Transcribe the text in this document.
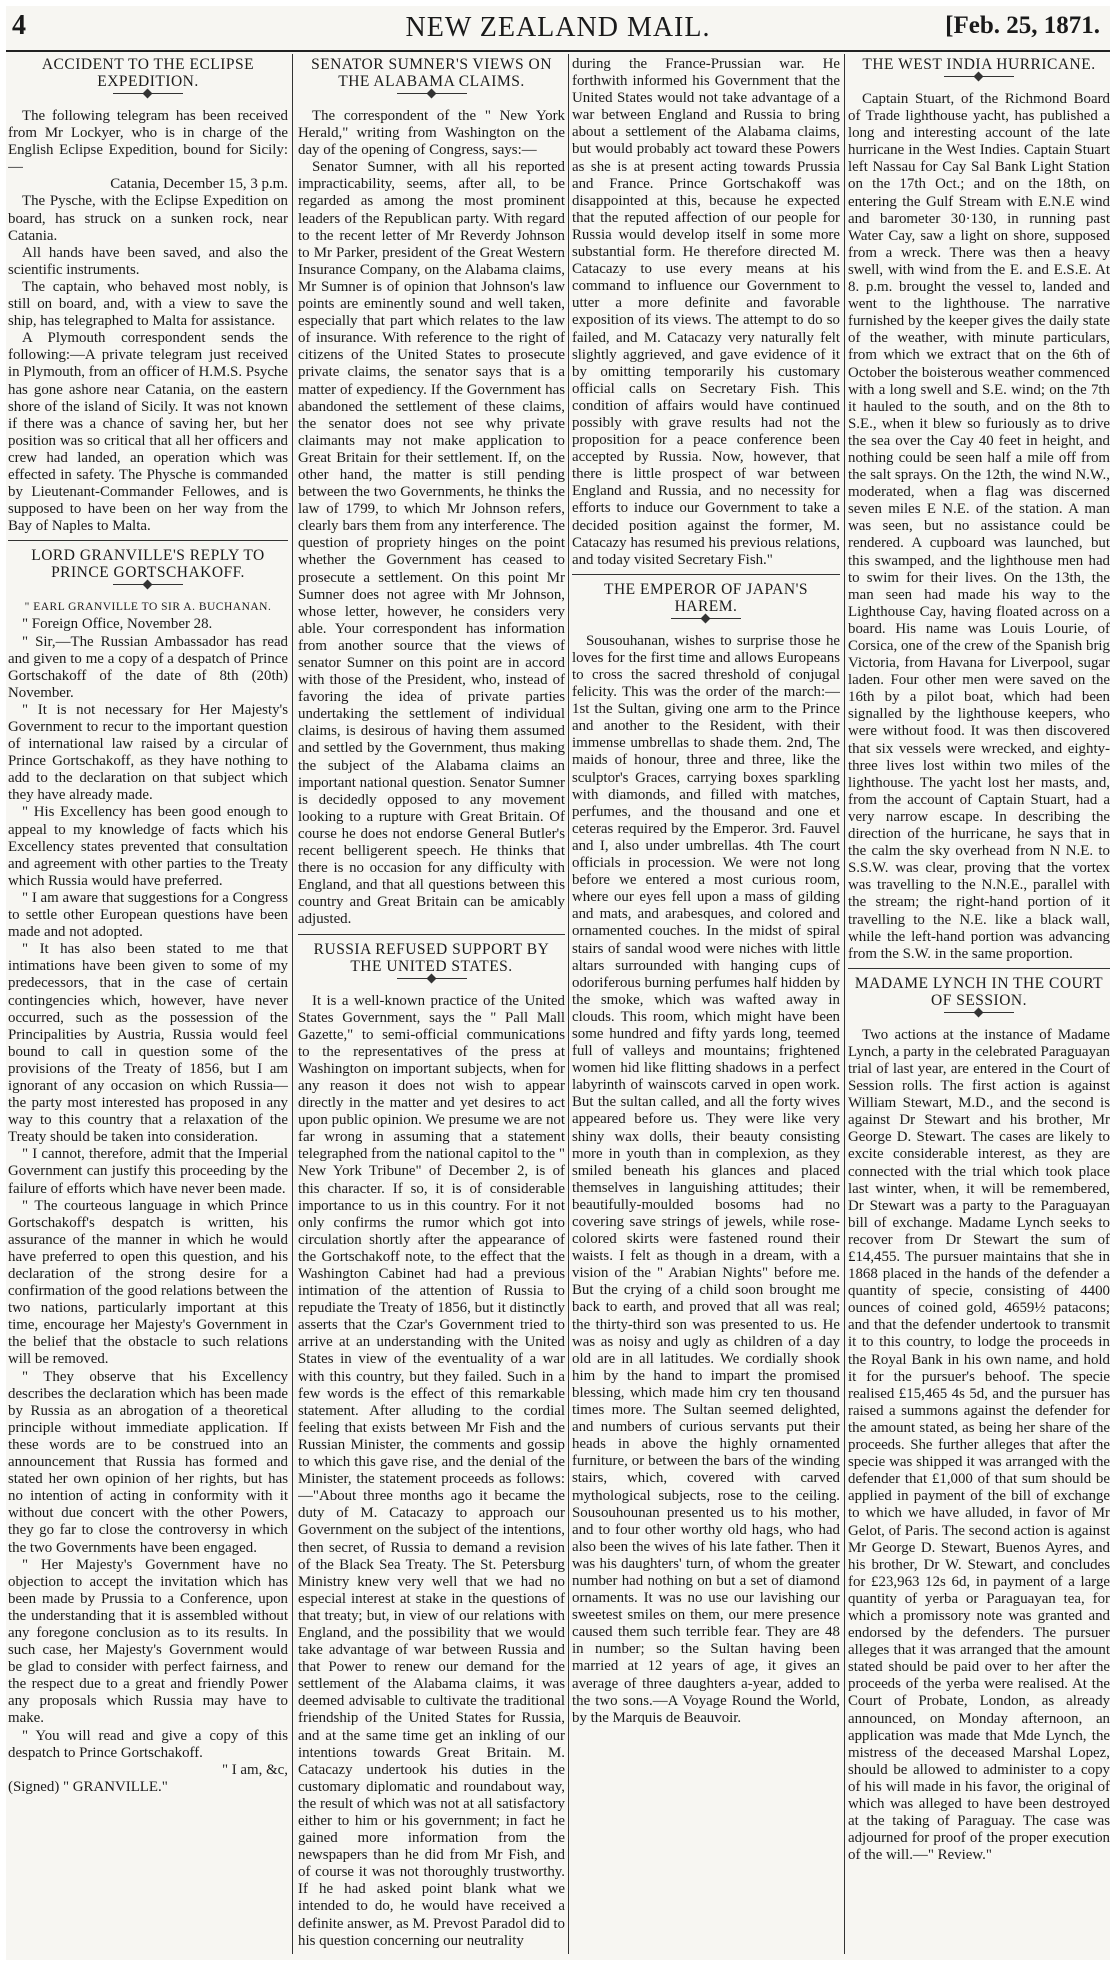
4	NEW ZEALAND MAIL.	[Feb. 25, 1871.
ACCIDENT TO THE ECLIPSE EXPEDITION.

The following telegram has been received from Mr Lockyer, who is in charge of the English Eclipse Expedition, bound for Sicily:—

Catania, December 15, 3 p.m.

The Pysche, with the Eclipse Expedition on board, has struck on a sunken rock, near Catania.

All hands have been saved, and also the scientific instruments.

The captain, who behaved most nobly, is still on board, and, with a view to save the ship, has telegraphed to Malta for assistance.

A Plymouth correspondent sends the following:—A private telegram just received in Plymouth, from an officer of H.M.S. Psyche has gone ashore near Catania, on the eastern shore of the island of Sicily. It was not known if there was a chance of saving her, but her position was so critical that all her officers and crew had landed, an operation which was effected in safety. The Physche is commanded by Lieutenant-Commander Fellowes, and is supposed to have been on her way from the Bay of Naples to Malta.

LORD GRANVILLE'S REPLY TO PRINCE GORTSCHAKOFF.

" EARL GRANVILLE TO SIR A. BUCHANAN.

" Foreign Office, November 28.

" Sir,—The Russian Ambassador has read and given to me a copy of a despatch of Prince Gortschakoff of the date of 8th (20th) November.

" It is not necessary for Her Majesty's Government to recur to the important question of international law raised by a circular of Prince Gortschakoff, as they have nothing to add to the declaration on that subject which they have already made.

" His Excellency has been good enough to appeal to my knowledge of facts which his Excellency states prevented that consultation and agreement with other parties to the Treaty which Russia would have preferred.

" I am aware that suggestions for a Congress to settle other European questions have been made and not adopted.

" It has also been stated to me that intimations have been given to some of my predecessors, that in the case of certain contingencies which, however, have never occurred, such as the possession of the Principalities by Austria, Russia would feel bound to call in question some of the provisions of the Treaty of 1856, but I am ignorant of any occasion on which Russia—the party most interested has proposed in any way to this country that a relaxation of the Treaty should be taken into consideration.

" I cannot, therefore, admit that the Imperial Government can justify this proceeding by the failure of efforts which have never been made.

" The courteous language in which Prince Gortschakoff's despatch is written, his assurance of the manner in which he would have preferred to open this question, and his declaration of the strong desire for a confirmation of the good relations between the two nations, particularly important at this time, encourage her Majesty's Government in the belief that the obstacle to such relations will be removed.

" They observe that his Excellency describes the declaration which has been made by Russia as an abrogation of a theoretical principle without immediate application. If these words are to be construed into an announcement that Russia has formed and stated her own opinion of her rights, but has no intention of acting in conformity with it without due concert with the other Powers, they go far to close the controversy in which the two Governments have been engaged.

" Her Majesty's Government have no objection to accept the invitation which has been made by Prussia to a Conference, upon the understanding that it is assembled without any foregone conclusion as to its results. In such case, her Majesty's Government would be glad to consider with perfect fairness, and the respect due to a great and friendly Power any proposals which Russia may have to make.

" You will read and give a copy of this despatch to Prince Gortschakoff.

" I am, &c,

(Signed) " GRANVILLE."

SENATOR SUMNER'S VIEWS ON THE ALABAMA CLAIMS.

The correspondent of the " New York Herald," writing from Washington on the day of the opening of Congress, says:—

Senator Sumner, with all his reported impracticability, seems, after all, to be regarded as among the most prominent leaders of the Republican party. With regard to the recent letter of Mr Reverdy Johnson to Mr Parker, president of the Great Western Insurance Company, on the Alabama claims, Mr Sumner is of opinion that Johnson's law points are eminently sound and well taken, especially that part which relates to the law of insurance. With reference to the right of citizens of the United States to prosecute private claims, the senator says that is a matter of expediency. If the Government has abandoned the settlement of these claims, the senator does not see why private claimants may not make application to Great Britain for their settlement. If, on the other hand, the matter is still pending between the two Governments, he thinks the law of 1799, to which Mr Johnson refers, clearly bars them from any interference. The question of propriety hinges on the point whether the Government has ceased to prosecute a settlement. On this point Mr Sumner does not agree with Mr Johnson, whose letter, however, he considers very able. Your correspondent has information from another source that the views of senator Sumner on this point are in accord with those of the President, who, instead of favoring the idea of private parties undertaking the settlement of individual claims, is desirous of having them assumed and settled by the Government, thus making the subject of the Alabama claims an important national question. Senator Sumner is decidedly opposed to any movement looking to a rupture with Great Britain. Of course he does not endorse General Butler's recent belligerent speech. He thinks that there is no occasion for any difficulty with England, and that all questions between this country and Great Britain can be amicably adjusted.

RUSSIA REFUSED SUPPORT BY THE UNITED STATES.

It is a well-known practice of the United States Government, says the " Pall Mall Gazette," to semi-official communications to the representatives of the press at Washington on important subjects, when for any reason it does not wish to appear directly in the matter and yet desires to act upon public opinion. We presume we are not far wrong in assuming that a statement telegraphed from the national capitol to the " New York Tribune" of December 2, is of this character. If so, it is of considerable importance to us in this country. For it not only confirms the rumor which got into circulation shortly after the appearance of the Gortschakoff note, to the effect that the Washington Cabinet had had a previous intimation of the attention of Russia to repudiate the Treaty of 1856, but it distinctly asserts that the Czar's Government tried to arrive at an understanding with the United States in view of the eventuality of a war with this country, but they failed. Such in a few words is the effect of this remarkable statement. After alluding to the cordial feeling that exists between Mr Fish and the Russian Minister, the comments and gossip to which this gave rise, and the denial of the Minister, the statement proceeds as follows:—"About three months ago it became the duty of M. Catacazy to approach our Government on the subject of the intentions, then secret, of Russia to demand a revision of the Black Sea Treaty. The St. Petersburg Ministry knew very well that we had no especial interest at stake in the questions of that treaty; but, in view of our relations with England, and the possibility that we would take advantage of war between Russia and that Power to renew our demand for the settlement of the Alabama claims, it was deemed advisable to cultivate the traditional friendship of the United States for Russia, and at the same time get an inkling of our intentions towards Great Britain. M. Catacazy undertook his duties in the customary diplomatic and roundabout way, the result of which was not at all satisfactory either to him or his government; in fact he gained more information from the newspapers than he did from Mr Fish, and of course it was not thoroughly trustworthy. If he had asked point blank what we intended to do, he would have received a definite answer, as M. Prevost Paradol did to his question concerning our neutrality

during the France-Prussian war. He forthwith informed his Government that the United States would not take advantage of a war between England and Russia to bring about a settlement of the Alabama claims, but would probably act toward these Powers as she is at present acting towards Prussia and France. Prince Gortschakoff was disappointed at this, because he expected that the reputed affection of our people for Russia would develop itself in some more substantial form. He therefore directed M. Catacazy to use every means at his command to influence our Government to utter a more definite and favorable exposition of its views. The attempt to do so failed, and M. Catacazy very naturally felt slightly aggrieved, and gave evidence of it by omitting temporarily his customary official calls on Secretary Fish. This condition of affairs would have continued possibly with grave results had not the proposition for a peace conference been accepted by Russia. Now, however, that there is little prospect of war between England and Russia, and no necessity for efforts to induce our Government to take a decided position against the former, M. Catacazy has resumed his previous relations, and today visited Secretary Fish."

THE EMPEROR OF JAPAN'S HAREM.

Sousouhanan, wishes to surprise those he loves for the first time and allows Europeans to cross the sacred threshold of conjugal felicity. This was the order of the march:—1st the Sultan, giving one arm to the Prince and another to the Resident, with their immense umbrellas to shade them. 2nd, The maids of honour, three and three, like the sculptor's Graces, carrying boxes sparkling with diamonds, and filled with matches, perfumes, and the thousand and one et ceteras required by the Emperor. 3rd. Fauvel and I, also under umbrellas. 4th The court officials in procession. We were not long before we entered a most curious room, where our eyes fell upon a mass of gilding and mats, and arabesques, and colored and ornamented couches. In the midst of spiral stairs of sandal wood were niches with little altars surrounded with hanging cups of odoriferous burning perfumes half hidden by the smoke, which was wafted away in clouds. This room, which might have been some hundred and fifty yards long, teemed full of valleys and mountains; frightened women hid like flitting shadows in a perfect labyrinth of wainscots carved in open work. But the sultan called, and all the forty wives appeared before us. They were like very shiny wax dolls, their beauty consisting more in youth than in complexion, as they smiled beneath his glances and placed themselves in languishing attitudes; their beautifully-moulded bosoms had no covering save strings of jewels, while rose-colored skirts were fastened round their waists. I felt as though in a dream, with a vision of the " Arabian Nights" before me. But the crying of a child soon brought me back to earth, and proved that all was real; the thirty-third son was presented to us. He was as noisy and ugly as children of a day old are in all latitudes. We cordially shook him by the hand to impart the promised blessing, which made him cry ten thousand times more. The Sultan seemed delighted, and numbers of curious servants put their heads in above the highly ornamented furniture, or between the bars of the winding stairs, which, covered with carved mythological subjects, rose to the ceiling. Sousouhounan presented us to his mother, and to four other worthy old hags, who had also been the wives of his late father. Then it was his daughters' turn, of whom the greater number had nothing on but a set of diamond ornaments. It was no use our lavishing our sweetest smiles on them, our mere presence caused them such terrible fear. They are 48 in number; so the Sultan having been married at 12 years of age, it gives an average of three daughters a-year, added to the two sons.—A Voyage Round the World, by the Marquis de Beauvoir.

THE WEST INDIA HURRICANE.

Captain Stuart, of the Richmond Board of Trade lighthouse yacht, has published a long and interesting account of the late hurricane in the West Indies. Captain Stuart left Nassau for Cay Sal Bank Light Station on the 17th Oct.; and on the 18th, on entering the Gulf Stream with E.N.E wind and barometer 30·130, in running past Water Cay, saw a light on shore, supposed from a wreck. There was then a heavy swell, with wind from the E. and E.S.E. At 8. p.m. brought the vessel to, landed and went to the lighthouse. The narrative furnished by the keeper gives the daily state of the weather, with minute particulars, from which we extract that on the 6th of October the boisterous weather commenced with a long swell and S.E. wind; on the 7th it hauled to the south, and on the 8th to S.E., when it blew so furiously as to drive the sea over the Cay 40 feet in height, and nothing could be seen half a mile off from the salt sprays. On the 12th, the wind N.W., moderated, when a flag was discerned seven miles E N.E. of the station. A man was seen, but no assistance could be rendered. A cupboard was launched, but this swamped, and the lighthouse men had to swim for their lives. On the 13th, the man seen had made his way to the Lighthouse Cay, having floated across on a board. His name was Louis Lourie, of Corsica, one of the crew of the Spanish brig Victoria, from Havana for Liverpool, sugar laden. Four other men were saved on the 16th by a pilot boat, which had been signalled by the lighthouse keepers, who were without food. It was then discovered that six vessels were wrecked, and eighty-three lives lost within two miles of the lighthouse. The yacht lost her masts, and, from the account of Captain Stuart, had a very narrow escape. In describing the direction of the hurricane, he says that in the calm the sky overhead from N N.E. to S.S.W. was clear, proving that the vortex was travelling to the N.N.E., parallel with the stream; the right-hand portion of it travelling to the N.E. like a black wall, while the left-hand portion was advancing from the S.W. in the same proportion.

MADAME LYNCH IN THE COURT OF SESSION.

Two actions at the instance of Madame Lynch, a party in the celebrated Paraguayan trial of last year, are entered in the Court of Session rolls. The first action is against William Stewart, M.D., and the second is against Dr Stewart and his brother, Mr George D. Stewart. The cases are likely to excite considerable interest, as they are connected with the trial which took place last winter, when, it will be remembered, Dr Stewart was a party to the Paraguayan bill of exchange. Madame Lynch seeks to recover from Dr Stewart the sum of £14,455. The pursuer maintains that she in 1868 placed in the hands of the defender a quantity of specie, consisting of 4400 ounces of coined gold, 4659½ patacons; and that the defender undertook to transmit it to this country, to lodge the proceeds in the Royal Bank in his own name, and hold it for the pursuer's behoof. The specie realised £15,465 4s 5d, and the pursuer has raised a summons against the defender for the amount stated, as being her share of the proceeds. She further alleges that after the specie was shipped it was arranged with the defender that £1,000 of that sum should be applied in payment of the bill of exchange to which we have alluded, in favor of Mr Gelot, of Paris. The second action is against Mr George D. Stewart, Buenos Ayres, and his brother, Dr W. Stewart, and concludes for £23,963 12s 6d, in payment of a large quantity of yerba or Paraguayan tea, for which a promissory note was granted and endorsed by the defenders. The pursuer alleges that it was arranged that the amount stated should be paid over to her after the proceeds of the yerba were realised. At the Court of Probate, London, as already announced, on Monday afternoon, an application was made that Mde Lynch, the mistress of the deceased Marshal Lopez, should be allowed to administer to a copy of his will made in his favor, the original of which was alleged to have been destroyed at the taking of Paraguay. The case was adjourned for proof of the proper execution of the will.—" Review."
